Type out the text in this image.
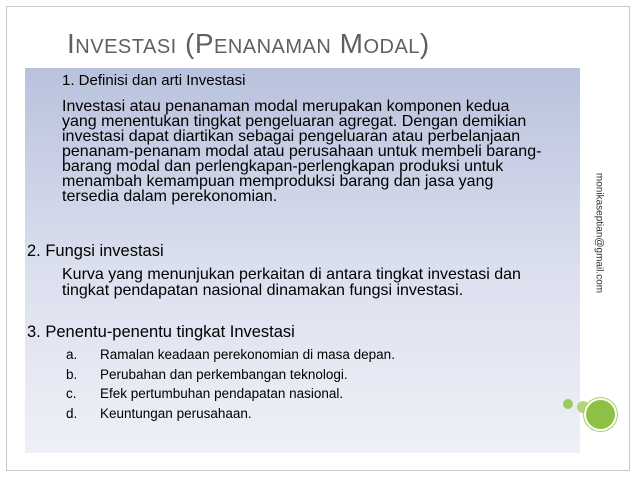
Investasi (Penanaman Modal)
1. Definisi dan arti Investasi
Investasi atau penanaman modal merupakan komponen kedua
yang menentukan tingkat pengeluaran agregat. Dengan demikian
investasi dapat diartikan sebagai pengeluaran atau perbelanjaan
penanam-penanam modal atau perusahaan untuk membeli barang-
barang modal dan perlengkapan-perlengkapan produksi untuk
menambah kemampuan memproduksi barang dan jasa yang
tersedia dalam perekonomian.
2. Fungsi investasi
Kurva yang menunjukan perkaitan di antara tingkat investasi dan
tingkat pendapatan nasional dinamakan fungsi investasi.
3. Penentu-penentu tingkat Investasi
a. Ramalan keadaan perekonomian di masa depan.
b. Perubahan dan perkembangan teknologi.
c. Efek pertumbuhan pendapatan nasional.
d. Keuntungan perusahaan.
monikaseptian@gmail.com
